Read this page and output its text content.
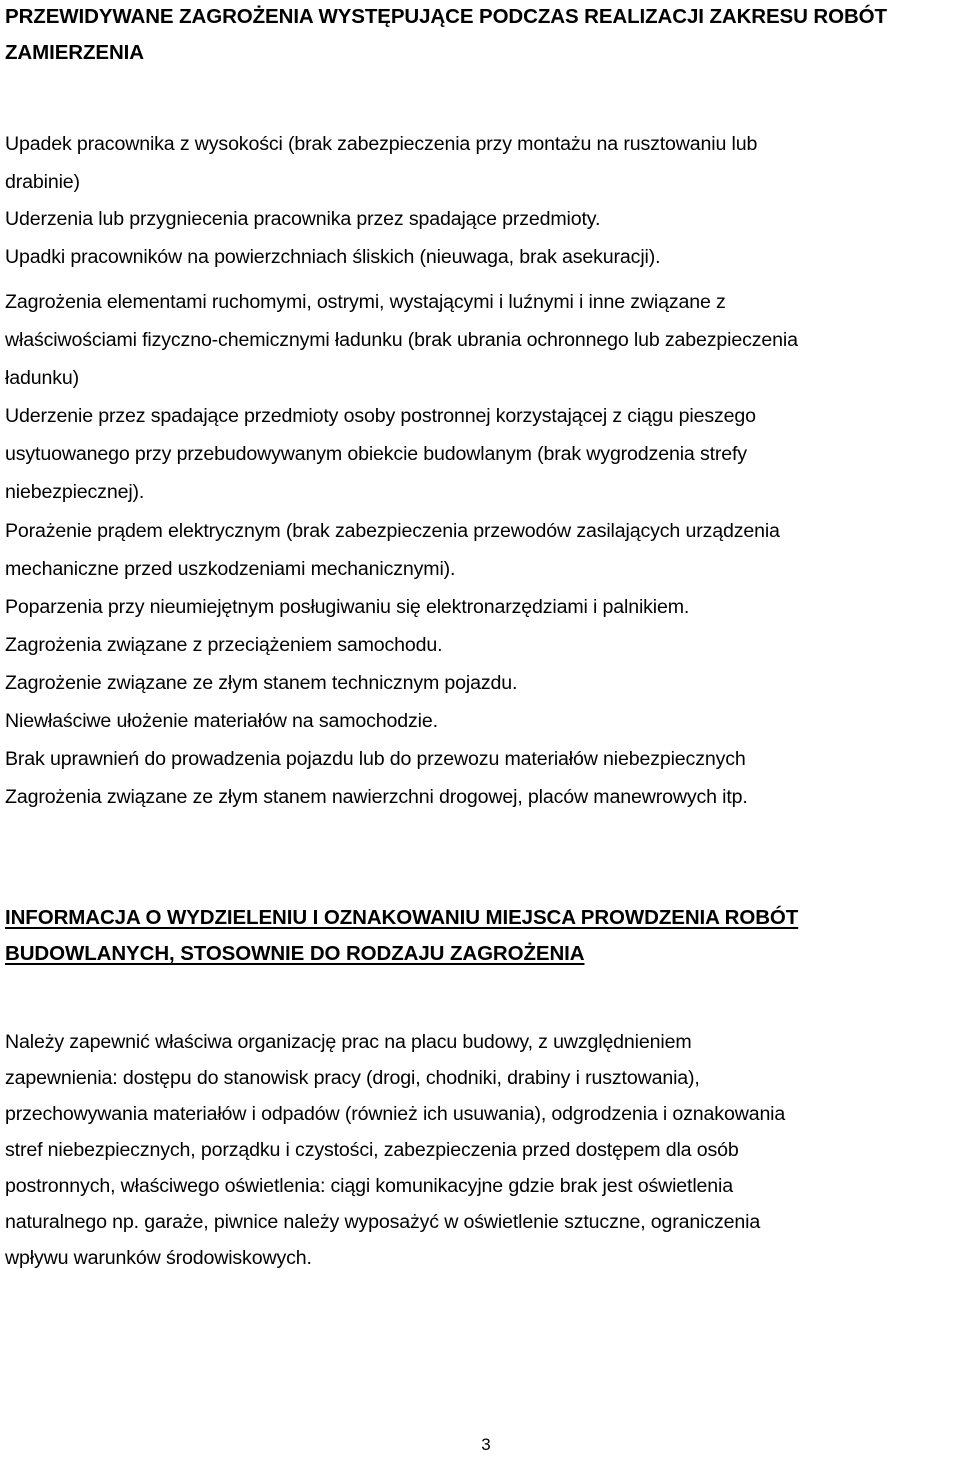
PRZEWIDYWANE ZAGROŻENIA WYSTĘPUJĄCE PODCZAS REALIZACJI ZAKRESU ROBÓT
ZAMIERZENIA
Upadek pracownika z wysokości (brak zabezpieczenia przy montażu na rusztowaniu lub
drabinie)
Uderzenia lub przygniecenia pracownika przez spadające przedmioty.
Upadki pracowników na powierzchniach śliskich (nieuwaga, brak asekuracji).
Zagrożenia elementami ruchomymi, ostrymi, wystającymi i luźnymi i inne związane z
właściwościami fizyczno-chemicznymi ładunku (brak ubrania ochronnego lub zabezpieczenia
ładunku)
Uderzenie przez spadające przedmioty osoby postronnej korzystającej z ciągu pieszego
usytuowanego przy przebudowywanym obiekcie budowlanym (brak wygrodzenia strefy
niebezpiecznej).
Porażenie prądem elektrycznym (brak zabezpieczenia przewodów zasilających urządzenia
mechaniczne przed uszkodzeniami mechanicznymi).
Poparzenia przy nieumiejętnym posługiwaniu się elektronarzędziami i palnikiem.
Zagrożenia związane z przeciążeniem samochodu.
Zagrożenie związane ze złym stanem technicznym pojazdu.
Niewłaściwe ułożenie materiałów na samochodzie.
Brak uprawnień do prowadzenia pojazdu lub do przewozu materiałów niebezpiecznych
Zagrożenia związane ze złym stanem nawierzchni drogowej, placów manewrowych itp.
INFORMACJA O WYDZIELENIU I OZNAKOWANIU MIEJSCA PROWDZENIA ROBÓT
BUDOWLANYCH, STOSOWNIE DO RODZAJU ZAGROŻENIA
Należy zapewnić właściwa organizację prac na placu budowy, z uwzględnieniem
zapewnienia: dostępu do stanowisk pracy (drogi, chodniki, drabiny i rusztowania),
przechowywania materiałów i odpadów (również ich usuwania), odgrodzenia i oznakowania
stref niebezpiecznych, porządku i czystości, zabezpieczenia przed dostępem dla osób
postronnych, właściwego oświetlenia: ciągi komunikacyjne gdzie brak jest oświetlenia
naturalnego np. garaże, piwnice należy wyposażyć w oświetlenie sztuczne, ograniczenia
wpływu warunków środowiskowych.
3
